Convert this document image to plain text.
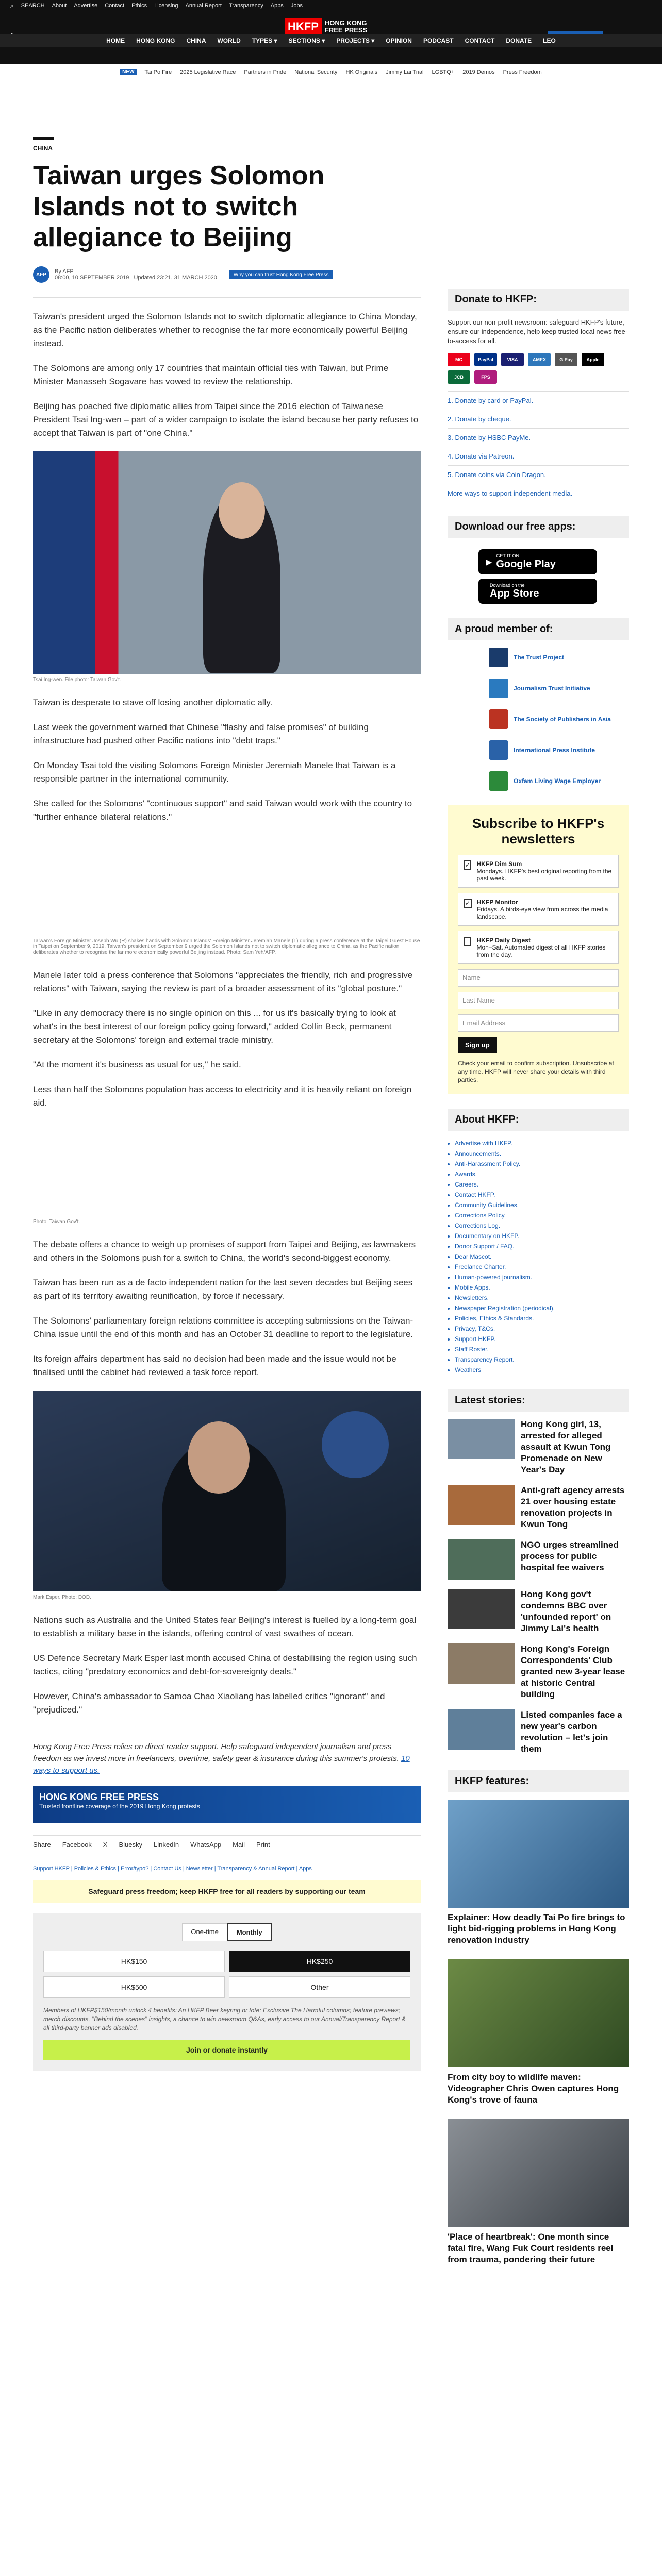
⌕ SEARCH About Advertise Contact Ethics Licensing Annual Report Transparency Apps Jobs
HKFP HONG KONG
FREE PRESS
HOME HONG KONG CHINA WORLD TYPES ▾ SECTIONS ▾ PROJECTS ▾ OPINION PODCAST CONTACT DONATE LEO
NEW	Tai Po Fire 2025 Legislative Race Partners in Pride National Security HK Originals Jimmy Lai Trial LGBTQ+ 2019 Demos Press Freedom
CHINA
Taiwan urges Solomon Islands not to switch allegiance to Beijing
AFP	By AFP
08:00, 10 SEPTEMBER 2019 Updated 23:21, 31 MARCH 2020	Why you can trust Hong Kong Free Press

Taiwan's president urged the Solomon Islands not to switch diplomatic allegiance to China Monday, as the Pacific nation deliberates whether to recognise the far more economically powerful Beijing instead.

The Solomons are among only 17 countries that maintain official ties with Taiwan, but Prime Minister Manasseh Sogavare has vowed to review the relationship.

Beijing has poached five diplomatic allies from Taipei since the 2016 election of Taiwanese President Tsai Ing-wen – part of a wider campaign to isolate the island because her party refuses to accept that Taiwan is part of "one China."

Tsai Ing-wen. File photo: Taiwan Gov't.

Taiwan is desperate to stave off losing another diplomatic ally.

Last week the government warned that Chinese "flashy and false promises" of building infrastructure had pushed other Pacific nations into "debt traps."

On Monday Tsai told the visiting Solomons Foreign Minister Jeremiah Manele that Taiwan is a responsible partner in the international community.

She called for the Solomons' "continuous support" and said Taiwan would work with the country to "further enhance bilateral relations."

Taiwan's Foreign Minister Joseph Wu (R) shakes hands with Solomon Islands' Foreign Minister Jeremiah Manele (L) during a press conference at the Taipei Guest House in Taipei on September 9, 2019. Taiwan's president on September 9 urged the Solomon Islands not to switch diplomatic allegiance to China, as the Pacific nation deliberates whether to recognise the far more economically powerful Beijing instead. Photo: Sam Yeh/AFP.

Manele later told a press conference that Solomons "appreciates the friendly, rich and progressive relations" with Taiwan, saying the review is part of a broader assessment of its "global posture."

"Like in any democracy there is no single opinion on this ... for us it's basically trying to look at what's in the best interest of our foreign policy going forward," added Collin Beck, permanent secretary at the Solomons' foreign and external trade ministry.

"At the moment it's business as usual for us," he said.

Less than half the Solomons population has access to electricity and it is heavily reliant on foreign aid.

Photo: Taiwan Gov't.

The debate offers a chance to weigh up promises of support from Taipei and Beijing, as lawmakers and others in the Solomons push for a switch to China, the world's second-biggest economy.

Taiwan has been run as a de facto independent nation for the last seven decades but Beijing sees as part of its territory awaiting reunification, by force if necessary.

The Solomons' parliamentary foreign relations committee is accepting submissions on the Taiwan-China issue until the end of this month and has an October 31 deadline to report to the legislature.

Its foreign affairs department has said no decision had been made and the issue would not be finalised until the cabinet had reviewed a task force report.

Mark Esper. Photo: DOD.

Nations such as Australia and the United States fear Beijing's interest is fuelled by a long-term goal to establish a military base in the islands, offering control of vast swathes of ocean.

US Defence Secretary Mark Esper last month accused China of destabilising the region using such tactics, citing "predatory economics and debt-for-sovereignty deals."

However, China's ambassador to Samoa Chao Xiaoliang has labelled critics "ignorant" and "prejudiced."

Hong Kong Free Press relies on direct reader support. Help safeguard independent journalism and press freedom as we invest more in freelancers, overtime, safety gear & insurance during this summer's protests. 10 ways to support us.

HONG KONG FREE PRESS
Trusted frontline coverage of the 2019 Hong Kong protests
Share Facebook X Bluesky LinkedIn WhatsApp Mail Print
Support HKFP | Policies & Ethics | Error/typo? | Contact Us | Newsletter | Transparency & Annual Report | Apps
Safeguard press freedom; keep HKFP free for all readers by supporting our team
One-time	Monthly
HK$150	HK$250
HK$500	Other

Members of HKFP$150/month unlock 4 benefits: An HKFP Beer keyring or tote; Exclusive The Harmful columns; feature previews; merch discounts, "Behind the scenes" insights, a chance to win newsroom Q&As, early access to our Annual/Transparency Report & all third-party banner ads disabled.

Join or donate instantly
Donate to HKFP:

Support our non-profit newsroom: safeguard HKFP's future, ensure our independence, help keep trusted local news free-to-access for all.

MC	PayPal	VISA	AMEX	G Pay	Apple
JCB	FPS
1. Donate by card or PayPal.
2. Donate by cheque.
3. Donate by HSBC PayMe.
4. Donate via Patreon.
5. Donate coins via Coin Dragon.
More ways to support independent media.
Download our free apps:
▶
GET IT ON
Google Play

Download on the
App Store
A proud member of:
The Trust Project
Journalism Trust Initiative
The Society of Publishers in Asia
International Press Institute
Oxfam Living Wage Employer
Subscribe to HKFP's newsletters
✓ HKFP Dim Sum
Mondays. HKFP's best original reporting from the past week.
✓ HKFP Monitor
Fridays. A birds-eye view from across the media landscape.
HKFP Daily Digest
Mon–Sat. Automated digest of all HKFP stories from the day.
Name
Last Name
Email Address
Sign up

Check your email to confirm subscription. Unsubscribe at any time. HKFP will never share your details with third parties.

About HKFP:
• Advertise with HKFP.
• Announcements.
• Anti-Harassment Policy.
• Awards.
• Careers.
• Contact HKFP.
• Community Guidelines.
• Corrections Policy.
• Corrections Log.
• Documentary on HKFP.
• Donor Support / FAQ.
• Dear Mascot.
• Freelance Charter.
• Human-powered journalism.
• Mobile Apps.
• Newsletters.
• Newspaper Registration (periodical).
• Policies, Ethics & Standards.
• Privacy, T&Cs.
• Support HKFP.
• Staff Roster.
• Transparency Report.
• Weathers
Latest stories:
Hong Kong girl, 13, arrested for alleged assault at Kwun Tong Promenade on New Year's Day
Anti-graft agency arrests 21 over housing estate renovation projects in Kwun Tong
NGO urges streamlined process for public hospital fee waivers
Hong Kong gov't condemns BBC over 'unfounded report' on Jimmy Lai's health
Hong Kong's Foreign Correspondents' Club granted new 3-year lease at historic Central building
Listed companies face a new year's carbon revolution – let's join them
HKFP features:
Explainer: How deadly Tai Po fire brings to light bid-rigging problems in Hong Kong renovation industry
From city boy to wildlife maven: Videographer Chris Owen captures Hong Kong's trove of fauna
'Place of heartbreak': One month since fatal fire, Wang Fuk Court residents reel from trauma, pondering their future
